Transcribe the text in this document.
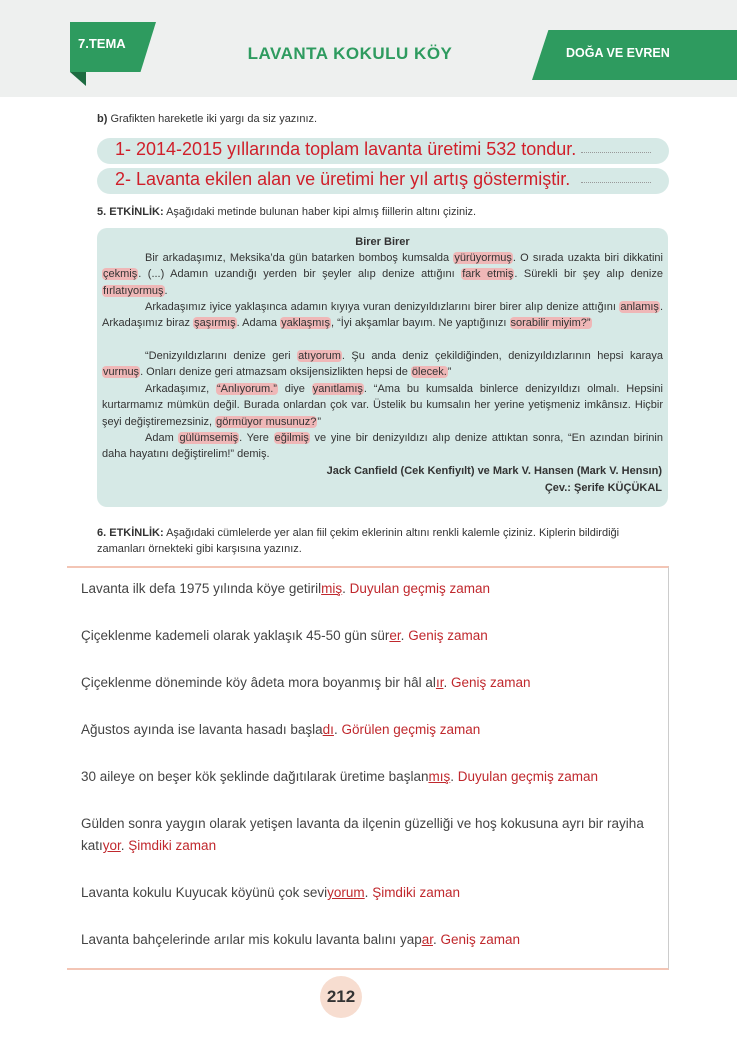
7.TEMA
LAVANTA KOKULU KÖY	DOĞA VE EVREN
b) Grafikten hareketle iki yargı da siz yazınız.
1- 2014-2015 yıllarında toplam lavanta üretimi 532 tondur.
2- Lavanta ekilen alan ve üretimi her yıl artış göstermiştir.
5. ETKİNLİK: Aşağıdaki metinde bulunan haber kipi almış fiillerin altını çiziniz.
Birer Birer

Bir arkadaşımız, Meksika’da gün batarken bomboş kumsalda yürüyormuş. O sırada uzakta biri dikkatini çekmiş. (...) Adamın uzandığı yerden bir şeyler alıp denize attığını fark etmiş. Sürekli bir şey alıp denize fırlatıyormuş.

Arkadaşımız iyice yaklaşınca adamın kıyıya vuran denizyıldızlarını birer birer alıp denize attığını anlamış. Arkadaşımız biraz şaşırmış. Adama yaklaşmış, “İyi akşamlar bayım. Ne yaptığınızı sorabilir miyim?”

“Denizyıldızlarını denize geri atıyorum. Şu anda deniz çekildiğinden, denizyıldızlarının hepsi karaya vurmuş. Onları denize geri atmazsam oksijensizlikten hepsi de ölecek.”

Arkadaşımız, “Anlıyorum.” diye yanıtlamış. “Ama bu kumsalda binlerce denizyıldızı olmalı. Hepsini kurtarmamız mümkün değil. Burada onlardan çok var. Üstelik bu kumsalın her yerine yetişmeniz imkânsız. Hiçbir şeyi değiştiremezsiniz, görmüyor musunuz?”

Adam gülümsemiş. Yere eğilmiş ve yine bir denizyıldızı alıp denize attıktan sonra, “En azından birinin daha hayatını değiştirelim!” demiş.

Jack Canfield (Cek Kenfiyılt) ve Mark V. Hansen (Mark V. Hensın)
Çev.: Şerife KÜÇÜKAL
6. ETKİNLİK: Aşağıdaki cümlelerde yer alan fiil çekim eklerinin altını renkli kalemle çiziniz. Kiplerin bildirdiği zamanları örnekteki gibi karşısına yazınız.
Lavanta ilk defa 1975 yılında köye getirilmiş. Duyulan geçmiş zaman
Çiçeklenme kademeli olarak yaklaşık 45-50 gün sürer. Geniş zaman
Çiçeklenme döneminde köy âdeta mora boyanmış bir hâl alır. Geniş zaman
Ağustos ayında ise lavanta hasadı başladı. Görülen geçmiş zaman
30 aileye on beşer kök şeklinde dağıtılarak üretime başlanmış. Duyulan geçmiş zaman
Gülden sonra yaygın olarak yetişen lavanta da ilçenin güzelliği ve hoş kokusuna ayrı bir rayiha katıyor. Şimdiki zaman
Lavanta kokulu Kuyucak köyünü çok seviyorum. Şimdiki zaman
Lavanta bahçelerinde arılar mis kokulu lavanta balını yapar. Geniş zaman
212
